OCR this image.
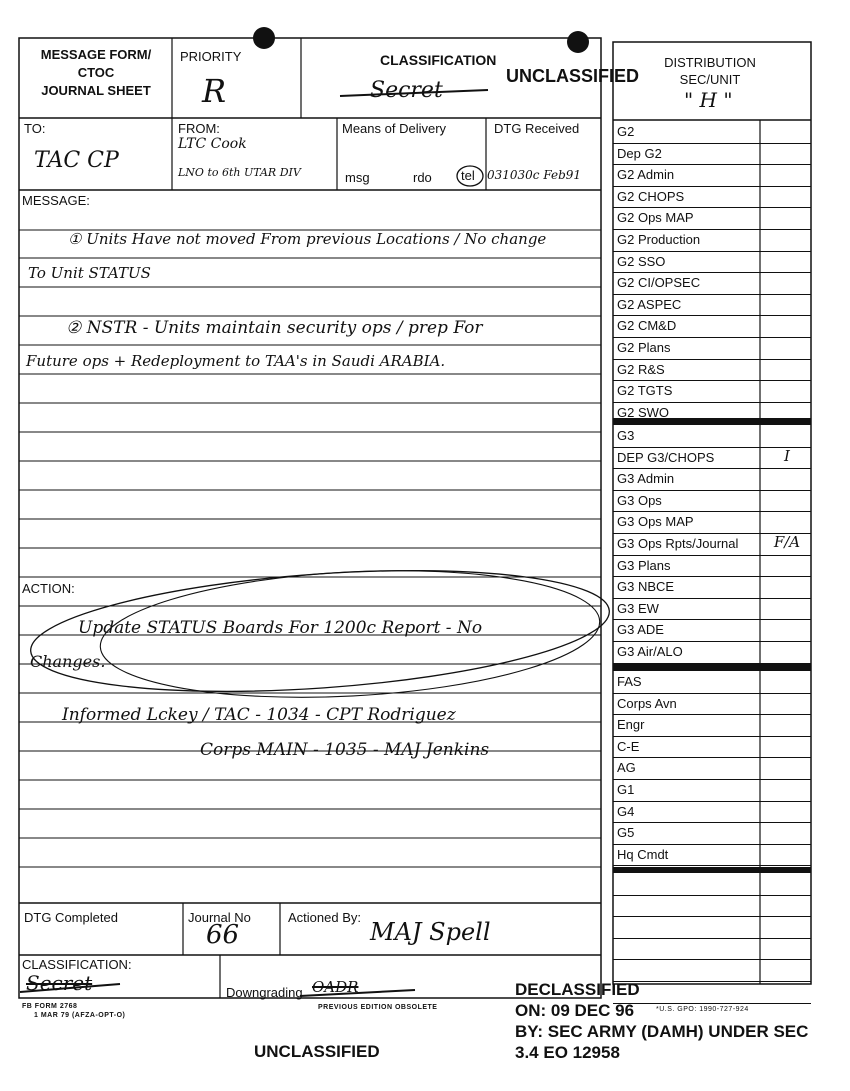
MESSAGE FORM/
CTOC
JOURNAL SHEET
PRIORITY
R
CLASSIFICATION
Secret
UNCLASSIFIED
TO:
TAC CP
FROM:
LTC Cook
LNO to 6th UTAR DIV
Means of Delivery
msg	rdo tel
DTG Received
031030c Feb91
MESSAGE:
① Units Have not moved From previous Locations / No change
To Unit STATUS
② NSTR - Units maintain security ops / prep For
Future ops + Redeployment to TAA's in Saudi ARABIA.
ACTION:
Update STATUS Boards For 1200c Report - No
Changes.
Informed Lckey / TAC - 1034 - CPT Rodriguez
Corps MAIN - 1035 - MAJ Jenkins
DTG Completed	Journal No
66
Actioned By:
MAJ Spell
CLASSIFICATION:
Secret	Downgrading OADR
FB FORM 2768
1 MAR 79 (AFZA-OPT-O)
PREVIOUS EDITION OBSOLETE	*U.S. GPO: 1990-727-924
UNCLASSIFIED
DECLASSIFIED
ON: 09 DEC 96
BY: SEC ARMY (DAMH) UNDER SEC
3.4 EO 12958
DISTRIBUTION
SEC/UNIT
" H "
G2
Dep G2
G2 Admin
G2 CHOPS
G2 Ops MAP
G2 Production
G2 SSO
G2 CI/OPSEC
G2 ASPEC
G2 CM&D
G2 Plans
G2 R&S
G2 TGTS
G2 SWO
G3
DEP G3/CHOPS	I
G3 Admin
G3 Ops
G3 Ops MAP
G3 Ops Rpts/Journal	F/A
G3 Plans
G3 NBCE
G3 EW
G3 ADE
G3 Air/ALO
FAS
Corps Avn
Engr
C-E
AG
G1
G4
G5
Hq Cmdt
